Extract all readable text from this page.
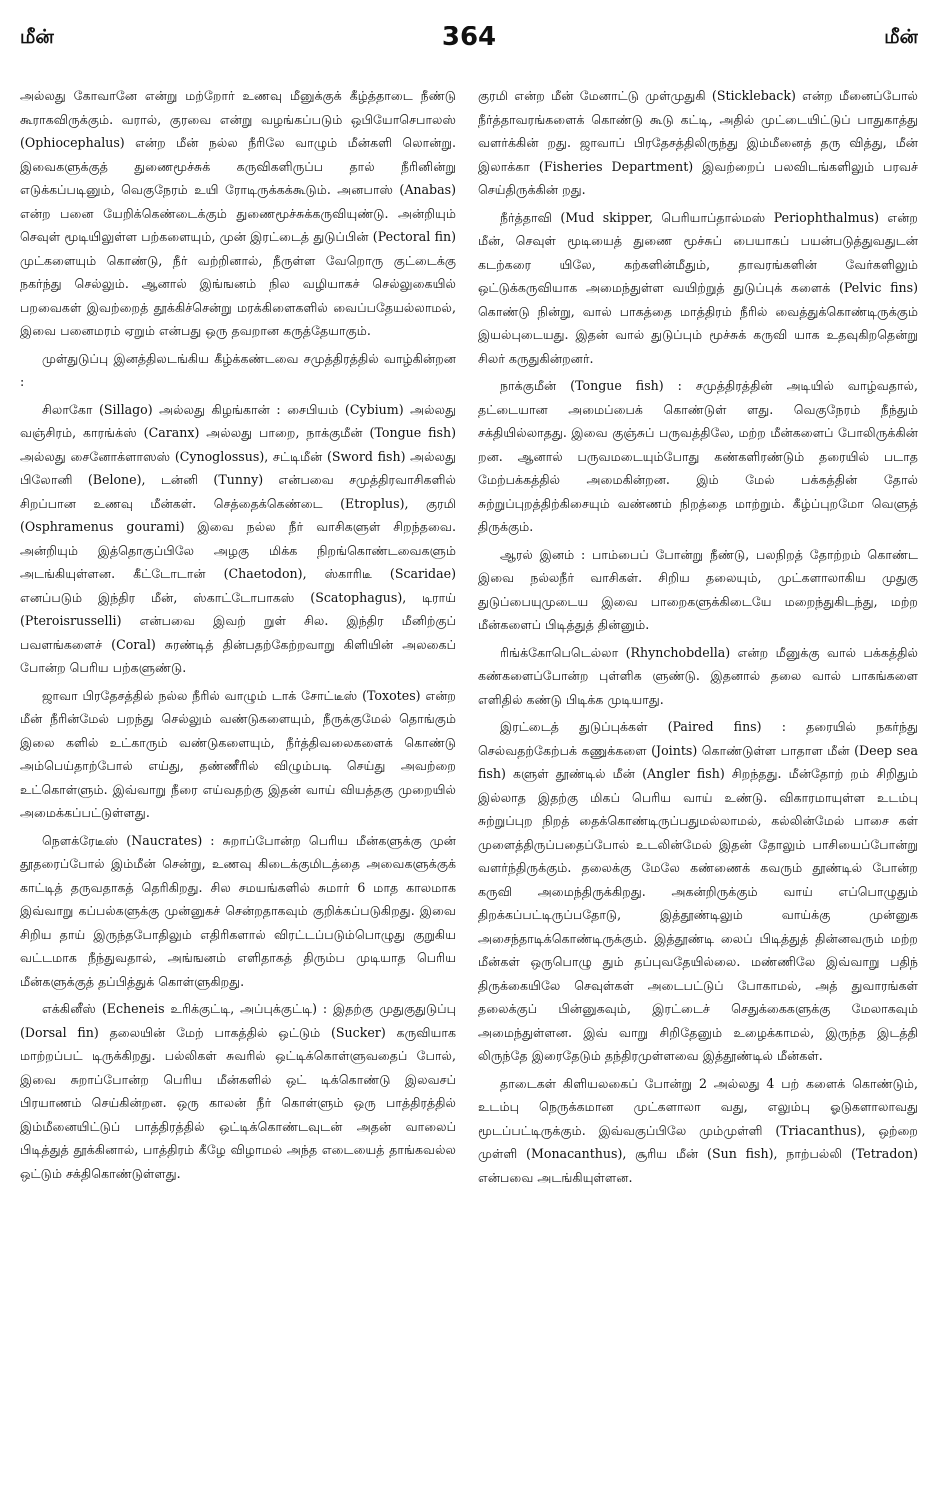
மீன்	364	மீன்

அல்லது கோவானே என்று மற்றோர் உணவு மீனுக்குக் கீழ்த்தாடை நீண்டு கூராகவிருக்கும். வரால், குரவை என்று வழங்கப்படும் ஒபியோசெபாலஸ் (Ophiocephalus) என்ற மீன் நல்ல நீரிலே வாழும் மீன்களி லொன்று. இவைகளுக்குத் துணைமூச்சுக் கருவிகளிருப்ப தால் நீரினின்று எடுக்கப்படினும், வெகுநேரம் உயி ரோடிருக்கக்கூடும். அனபாஸ் (Anabas) என்ற பனை யேறிக்கெண்டைக்கும் துணைமூச்சுக்கருவியுண்டு. அன்றியும் செவுள் மூடியிலுள்ள பற்களையும், முன் இரட்டைத் துடுப்பின் (Pectoral fin) முட்களையும் கொண்டு, நீர் வற்றினால், நீருள்ள வேறொரு குட்டைக்கு நகர்ந்து செல்லும். ஆனால் இங்ஙனம் நில வழியாகச் செல்லுகையில் பறவைகள் இவற்றைத் தூக்கிச்சென்று மரக்கிளைகளில் வைப்பதேயல்லாமல், இவை பனைமரம் ஏறும் என்பது ஒரு தவறான கருத்தேயாகும்.

முள்துடுப்பு இனத்திலடங்கிய கீழ்க்கண்டவை சமுத்திரத்தில் வாழ்கின்றன :

சிலாகோ (Sillago) அல்லது கிழங்கான் : சைபியம் (Cybium) அல்லது வஞ்சிரம், காரங்க்ஸ் (Caranx) அல்லது பாறை, நாக்குமீன் (Tongue fish) அல்லது சைனோக்ளாஸஸ் (Cynoglossus), சட்டிமீன் (Sword fish) அல்லது பிலோனி (Belone), டன்னி (Tunny) என்பவை சமுத்திரவாசிகளில் சிறப்பான உணவு மீன்கள். செத்தைக்கெண்டை (Etroplus), குரமி (Osphramenus gourami) இவை நல்ல நீர் வாசிகளுள் சிறந்தவை. அன்றியும் இத்தொகுப்பிலே அழகு மிக்க நிறங்கொண்டவைகளும் அடங்கியுள்ளன. கீட்டோடான் (Chaetodon), ஸ்காரிடீ (Scaridae) எனப்படும் இந்திர மீன், ஸ்காட்டோபாகஸ் (Scatophagus), டிராய் (Pteroisrusselli) என்பவை இவற் றுள் சில. இந்திர மீனிற்குப் பவளங்களைச் (Coral) சுரண்டித் தின்பதற்கேற்றவாறு கிளியின் அலகைப் போன்ற பெரிய பற்களுண்டு.

ஜாவா பிரதேசத்தில் நல்ல நீரில் வாழும் டாக் சோட்டீஸ் (Toxotes) என்ற மீன் நீரின்மேல் பறந்து செல்லும் வண்டுகளையும், நீருக்குமேல் தொங்கும் இலை களில் உட்காரும் வண்டுகளையும், நீர்த்திவலைகளைக் கொண்டு அம்பெய்தாற்போல் எய்து, தண்ணீரில் விழும்படி செய்து அவற்றை உட்கொள்ளும். இவ்வாறு நீரை எய்வதற்கு இதன் வாய் வியத்தகு முறையில் அமைக்கப்பட்டுள்ளது.

நௌக்ரேடீஸ் (Naucrates) : சுறாப்போன்ற பெரிய மீன்களுக்கு முன் தூதரைப்போல் இம்மீன் சென்று, உணவு கிடைக்குமிடத்தை அவைகளுக்குக் காட்டித் தருவதாகத் தெரிகிறது. சில சமயங்களில் சுமார் 6 மாத காலமாக இவ்வாறு கப்பல்களுக்கு முன்னுகச் சென்றதாகவும் குறிக்கப்படுகிறது. இவை சிறிய தாய் இருந்தபோதிலும் எதிரிகளால் விரட்டப்படும்பொழுது குறுகிய வட்டமாக நீந்துவதால், அங்ஙனம் எளிதாகத் திரும்ப முடியாத பெரிய மீன்களுக்குத் தப்பித்துக் கொள்ளுகிறது.

எக்கினீஸ் (Echeneis உரிக்குட்டி, அப்புக்குட்டி) : இதற்கு முதுகுதுடுப்பு (Dorsal fin) தலையின் மேற் பாகத்தில் ஒட்டும் (Sucker) கருவியாக மாற்றப்பட் டிருக்கிறது. பல்லிகள் சுவரில் ஒட்டிக்கொள்ளுவதைப் போல், இவை சுறாப்போன்ற பெரிய மீன்களில் ஒட் டிக்கொண்டு இலவசப் பிரயாணம் செய்கின்றன. ஒரு காலன் நீர் கொள்ளும் ஒரு பாத்திரத்தில் இம்மீனையிட்டுப் பாத்திரத்தில் ஒட்டிக்கொண்டவுடன் அதன் வாலைப் பிடித்துத் தூக்கினால், பாத்திரம் கீழே விழாமல் அந்த எடையைத் தாங்கவல்ல ஒட்டும் சக்திகொண்டுள்ளது.

குரமி என்ற மீன் மேனாட்டு முள்முதுகி (Stickleback) என்ற மீனைப்போல் நீர்த்தாவரங்களைக் கொண்டு கூடு கட்டி, அதில் முட்டையிட்டுப் பாதுகாத்து வளர்க்கின் றது. ஜாவாப் பிரதேசத்திலிருந்து இம்மீனைத் தரு வித்து, மீன் இலாக்கா (Fisheries Department) இவற்றைப் பலவிடங்களிலும் பரவச் செய்திருக்கின் றது.

நீர்த்தாவி (Mud skipper, பெரியாப்தால்மஸ் Periophthalmus) என்ற மீன், செவுள் மூடியைத் துணை மூச்சுப் பையாகப் பயன்படுத்துவதுடன் கடற்கரை யிலே, கற்களின்மீதும், தாவரங்களின் வேர்களிலும் ஒட்டுக்கருவியாக அமைந்துள்ள வயிற்றுத் துடுப்புக் களைக் (Pelvic fins) கொண்டு நின்று, வால் பாகத்தை மாத்திரம் நீரில் வைத்துக்கொண்டிருக்கும் இயல்புடையது. இதன் வால் துடுப்பும் மூச்சுக் கருவி யாக உதவுகிறதென்று சிலர் கருதுகின்றனர்.

நாக்குமீன் (Tongue fish) : சமுத்திரத்தின் அடியில் வாழ்வதால், தட்டையான அமைப்பைக் கொண்டுள் ளது. வெகுநேரம் நீந்தும் சக்தியில்லாதது. இவை குஞ்சுப் பருவத்திலே, மற்ற மீன்களைப் போலிருக்கின் றன. ஆனால் பருவமடையும்போது கண்களிரண்டும் தரையில் படாத மேற்பக்கத்தில் அமைகின்றன. இம் மேல் பக்கத்தின் தோல் சுற்றுப்புறத்திற்கிசையும் வண்ணம் நிறத்தை மாற்றும். கீழ்ப்புறமோ வெளுத் திருக்கும்.

ஆரல் இனம் : பாம்பைப் போன்று நீண்டு, பலநிறத் தோற்றம் கொண்ட இவை நல்லநீர் வாசிகள். சிறிய தலையும், முட்களாலாகிய முதுகு துடுப்பையுமுடைய இவை பாறைகளுக்கிடையே மறைந்துகிடந்து, மற்ற மீன்களைப் பிடித்துத் தின்னும்.

ரிங்க்கோபெடெல்லா (Rhynchobdella) என்ற மீனுக்கு வால் பக்கத்தில் கண்களைப்போன்ற புள்ளிக ளுண்டு. இதனால் தலை வால் பாகங்களை எளிதில் கண்டு பிடிக்க முடியாது.

இரட்டைத் துடுப்புக்கள் (Paired fins) : தரையில் நகர்ந்து செல்வதற்கேற்பக் கணுக்களை (Joints) கொண்டுள்ள பாதாள மீன் (Deep sea fish) களுள் தூண்டில் மீன் (Angler fish) சிறந்தது. மீன்தோற் றம் சிறிதும் இல்லாத இதற்கு மிகப் பெரிய வாய் உண்டு. விகாரமாயுள்ள உடம்பு சுற்றுப்புற நிறத் தைக்கொண்டிருப்பதுமல்லாமல், கல்லின்மேல் பாசை கள் முளைத்திருப்பதைப்போல் உடலின்மேல் இதன் தோலும் பாசியைப்போன்று வளர்ந்திருக்கும். தலைக்கு மேலே கண்ணைக் கவரும் தூண்டில் போன்ற கருவி அமைந்திருக்கிறது. அகன்றிருக்கும் வாய் எப்பொழுதும் திறக்கப்பட்டிருப்பதோடு, இத்தூண்டிலும் வாய்க்கு முன்னுக அசைந்தாடிக்கொண்டிருக்கும். இத்தூண்டி லைப் பிடித்துத் தின்னவரும் மற்ற மீன்கள் ஒருபொழு தும் தப்புவதேயில்லை. மண்ணிலே இவ்வாறு பதிந் திருக்கையிலே செவுள்கள் அடைபட்டுப் போகாமல், அத் துவாரங்கள் தலைக்குப் பின்னுகவும், இரட்டைச் செதுக்கைகளுக்கு மேலாகவும் அமைந்துள்ளன. இவ் வாறு சிறிதேனும் உழைக்காமல், இருந்த இடத்தி லிருந்தே இரைதேடும் தந்திரமுள்ளவை இத்தூண்டில் மீன்கள்.

தாடைகள் கிளியலகைப் போன்று 2 அல்லது 4 பற் களைக் கொண்டும், உடம்பு நெருக்கமான முட்களாலா வது, எலும்பு ஓடுகளாலாவது மூடப்பட்டிருக்கும். இவ்வகுப்பிலே மும்முள்ளி (Triacanthus), ஒற்றை முள்ளி (Monacanthus), சூரிய மீன் (Sun fish), நாற்பல்லி (Tetradon) என்பவை அடங்கியுள்ளன.
